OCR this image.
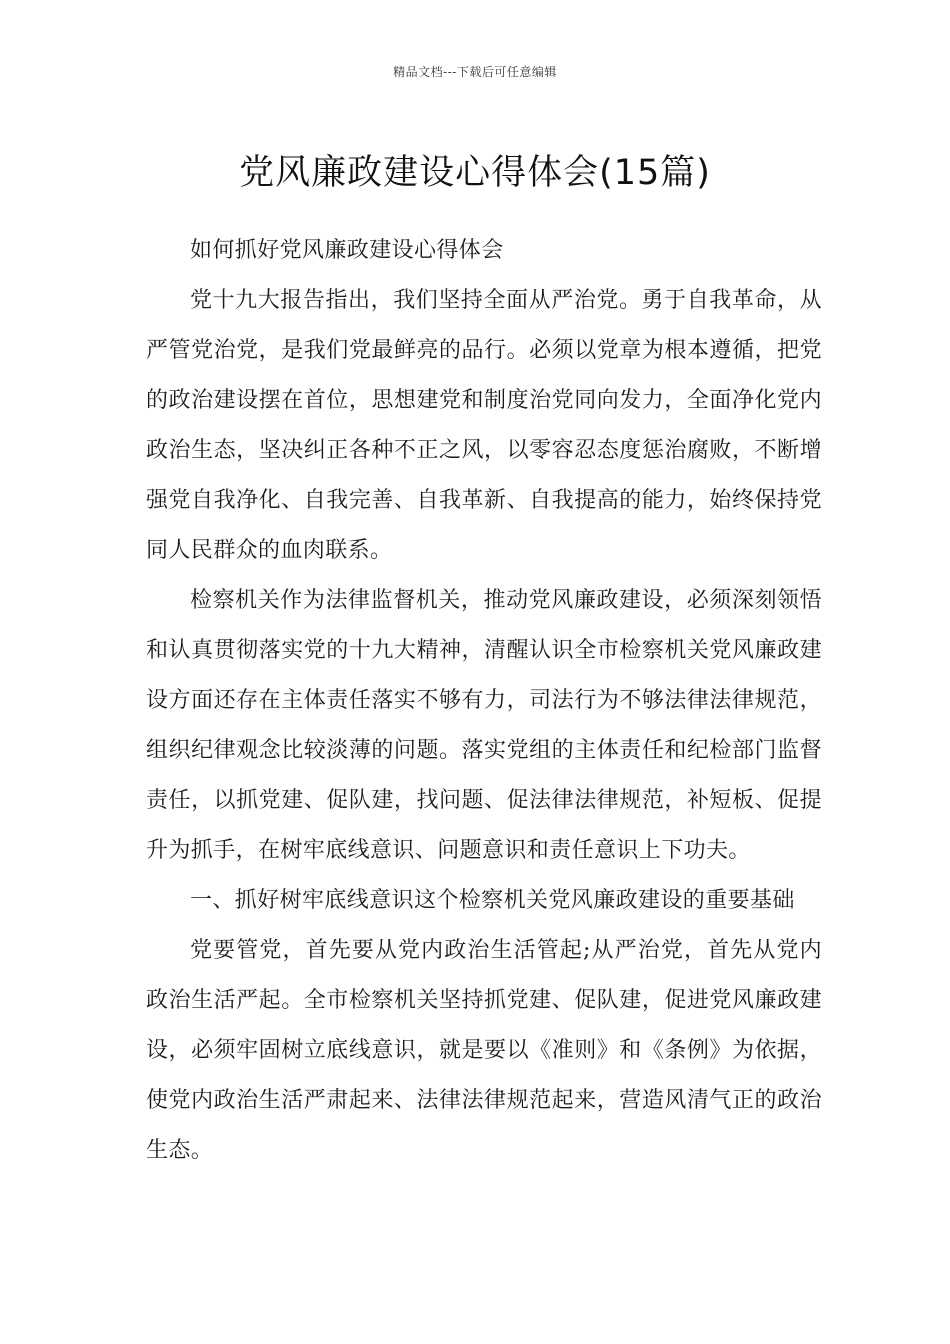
精品文档---下载后可任意编辑
党风廉政建设心得体会(15篇)

如何抓好党风廉政建设心得体会

党十九大报告指出，我们坚持全面从严治党。勇于自我革命，从严管党治党，是我们党最鲜亮的品行。必须以党章为根本遵循，把党的政治建设摆在首位，思想建党和制度治党同向发力，全面净化党内政治生态，坚决纠正各种不正之风，以零容忍态度惩治腐败，不断增强党自我净化、自我完善、自我革新、自我提高的能力，始终保持党同人民群众的血肉联系。

检察机关作为法律监督机关，推动党风廉政建设，必须深刻领悟和认真贯彻落实党的十九大精神，清醒认识全市检察机关党风廉政建设方面还存在主体责任落实不够有力，司法行为不够法律法律规范，组织纪律观念比较淡薄的问题。落实党组的主体责任和纪检部门监督责任，以抓党建、促队建，找问题、促法律法律规范，补短板、促提升为抓手，在树牢底线意识、问题意识和责任意识上下功夫。

一、抓好树牢底线意识这个检察机关党风廉政建设的重要基础

党要管党，首先要从党内政治生活管起;从严治党，首先从党内政治生活严起。全市检察机关坚持抓党建、促队建，促进党风廉政建设，必须牢固树立底线意识，就是要以《准则》和《条例》为依据，使党内政治生活严肃起来、法律法律规范起来，营造风清气正的政治生态。
